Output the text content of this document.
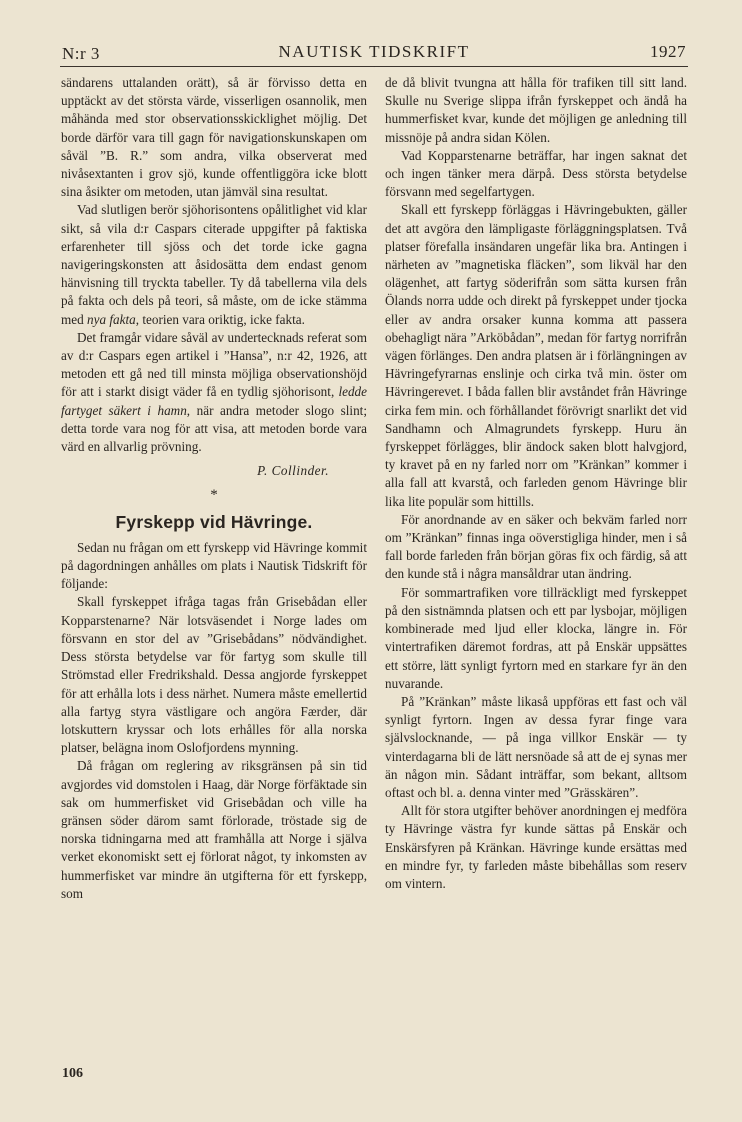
N:r 3	NAUTISK TIDSKRIFT	1927

sändarens uttalanden orätt), så är förvisso detta en upptäckt av det största värde, visserligen osannolik, men måhända med stor observationsskicklighet möjlig. Det borde därför vara till gagn för navigationskunskapen om såväl ”B. R.” som andra, vilka observerat med nivåsextanten i grov sjö, kunde offentliggöra icke blott sina åsikter om metoden, utan jämväl sina resultat.

Vad slutligen berör sjöhorisontens opålitlighet vid klar sikt, så vila d:r Caspars citerade uppgifter på faktiska erfarenheter till sjöss och det torde icke gagna navigeringskonsten att åsidosätta dem endast genom hänvisning till tryckta tabeller. Ty då tabellerna vila dels på fakta och dels på teori, så måste, om de icke stämma med nya fakta, teorien vara oriktig, icke fakta.

Det framgår vidare såväl av undertecknads referat som av d:r Caspars egen artikel i ”Hansa”, n:r 42, 1926, att metoden ett gå ned till minsta möjliga observationshöjd för att i starkt disigt väder få en tydlig sjöhorisont, ledde fartyget säkert i hamn, när andra metoder slogo slint; detta torde vara nog för att visa, att metoden borde vara värd en allvarlig prövning.

P. Collinder.
*
Fyrskepp vid Hävringe.

Sedan nu frågan om ett fyrskepp vid Hävringe kommit på dagordningen anhålles om plats i Nautisk Tidskrift för följande:

Skall fyrskeppet ifråga tagas från Grisebådan eller Kopparstenarne? När lotsväsendet i Norge lades om försvann en stor del av ”Grisebådans” nödvändighet. Dess största betydelse var för fartyg som skulle till Strömstad eller Fredrikshald. Dessa angjorde fyrskeppet för att erhålla lots i dess närhet. Numera måste emellertid alla fartyg styra västligare och angöra Færder, där lotskuttern kryssar och lots erhålles för alla norska platser, belägna inom Oslofjordens mynning.

Då frågan om reglering av riksgränsen på sin tid avgjordes vid domstolen i Haag, där Norge förfäktade sin sak om hummerfisket vid Grisebådan och ville ha gränsen söder därom samt förlorade, tröstade sig de norska tidningarna med att framhålla att Norge i själva verket ekonomiskt sett ej förlorat något, ty inkomsten av hummerfisket var mindre än utgifterna för ett fyrskepp, som

de då blivit tvungna att hålla för trafiken till sitt land. Skulle nu Sverige slippa ifrån fyrskeppet och ändå ha hummerfisket kvar, kunde det möjligen ge anledning till missnöje på andra sidan Kölen.

Vad Kopparstenarne beträffar, har ingen saknat det och ingen tänker mera därpå. Dess största betydelse försvann med segelfartygen.

Skall ett fyrskepp förläggas i Hävringebukten, gäller det att avgöra den lämpligaste förläggningsplatsen. Två platser förefalla insändaren ungefär lika bra. Antingen i närheten av ”magnetiska fläcken”, som likväl har den olägenhet, att fartyg söderifrån som sätta kursen från Ölands norra udde och direkt på fyrskeppet under tjocka eller av andra orsaker kunna komma att passera obehagligt nära ”Arköbådan”, medan för fartyg norrifrån vägen förlänges. Den andra platsen är i förlängningen av Hävringefyrarnas enslinje och cirka två min. öster om Hävringerevet. I båda fallen blir avståndet från Hävringe cirka fem min. och förhållandet förövrigt snarlikt det vid Sandhamn och Almagrundets fyrskepp. Huru än fyrskeppet förlägges, blir ändock saken blott halvgjord, ty kravet på en ny farled norr om ”Kränkan” kommer i alla fall att kvarstå, och farleden genom Hävringe blir lika lite populär som hittills.

För anordnande av en säker och bekväm farled norr om ”Kränkan” finnas inga oöverstigliga hinder, men i så fall borde farleden från början göras fix och färdig, så att den kunde stå i några mansåldrar utan ändring.

För sommartrafiken vore tillräckligt med fyrskeppet på den sistnämnda platsen och ett par lysbojar, möjligen kombinerade med ljud eller klocka, längre in. För vintertrafiken däremot fordras, att på Enskär uppsättes ett större, lätt synligt fyrtorn med en starkare fyr än den nuvarande.

På ”Kränkan” måste likaså uppföras ett fast och väl synligt fyrtorn. Ingen av dessa fyrar finge vara självslocknande, — på inga villkor Enskär — ty vinterdagarna bli de lätt nersnöade så att de ej synas mer än någon min. Sådant inträffar, som bekant, alltsom oftast och bl. a. denna vinter med ”Grässkären”.

Allt för stora utgifter behöver anordningen ej medföra ty Hävringe västra fyr kunde sättas på Enskär och Enskärsfyren på Kränkan. Hävringe kunde ersättas med en mindre fyr, ty farleden måste bibehållas som reserv om vintern.

106
